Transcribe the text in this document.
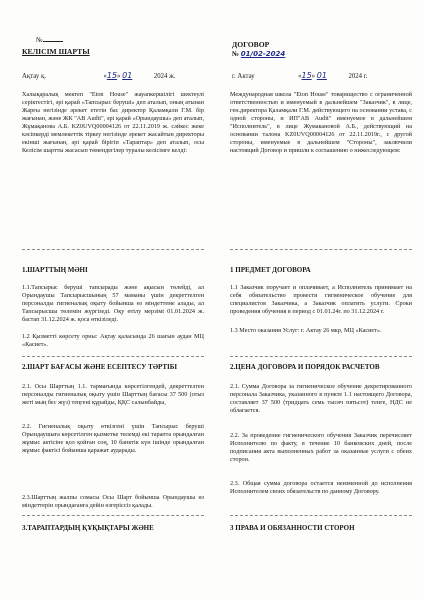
№
КЕЛІСІМ ШАРТЫ
Ақтау қ.	«15» 01	2024 ж.
Халықаралық мектеп "Eton House" жауапкершілігі шектеулі серіктестігі, әрі қарай «Тапсырыс беруші» деп аталып, оның атынан Жарғы негізінде әрекет ететін бас директор Қаламқали Г.М. бір жағынан, және ЖК "АВ Audit", әрі қарай «Орындаушы» деп аталып, Жұмақанова А.Б. KZ0UVQ00004126 от 22.11.2019 ж. сәйкес жеке кәсіпкерді мемлекеттік тіркеу негізінде әрекет жасайтын директоры екінші жағынан, әрі қарай бірігіп «Тараптар» деп аталып, осы Келісім шартты жасасып төмендегілер туралы келісімге келді:
1.ШАРТТЫҢ МӘНІ
1.1.Тапсырыс беруші тапсырады және ақысын төлейді, ал Орындаушы Тапсырысшының 57 маманы үшін декреттелген персоналды гигиеналық оқыту бойынша өз міндеттеме алады, ал Тапсырысшы төлемін жүргізеді. Оқу өтілу мерзімі 01.01.2024 ж. бастап 31.12.2024 ж. қоса өткізіледі.
1.2 Қызметті көрсету орны: Ақтау қаласында 26 шағын аудан МЦ «Касиет».
2.ШАРТ БАҒАСЫ ЖӘНЕ ЕСЕПТЕСУ ТӘРТІБІ
2.1. Осы Шарттың 1.1. тармағында көрсетілгендей, декреттелген персоналды гигиеналық оқыту үшін Шарттың бағасы 37 500 (отыз жеті мың бес жүз) теңгені құрайды, ҚҚС салынбайды,
2.2. Гигиеналық оқыту өткізгені үшін Тапсырыс беруші Орындаушыға көрсетілген қызметке төлемді екі тарапта орындалған жұмыс актісіне қол қойған соң, 10 банктік күн ішінде орындалған жұмыс фактісі бойынша қаражат аударады.
2.3.Шарттың жалпы сомасы Осы Шарт бойынша Орындаушы өз міндеттерін орындағанға дейін өзгеріссіз қалады.
3.ТАРАПТАРДЫҢ ҚҰҚЫҚТАРЫ ЖӘНЕ
ДОГОВОР
№ 01/02-2024
г. Актау	«15» 01	2024 г.
Международная школа "Eton House" товарищество с ограниченной ответственностью и именуемый в дальнейшем "Заказчик", в лице, ген.директора Қаламқали Г.М. действующего на основании устава, с одной стороны, и ИП"АВ Audit" именуемое в дальнейшем "Исполнитель", в лице Жумакановой А.Б., действующий на основании талона KZ0UVQ00004126 от 22.11.2019г., с другой стороны, именуемые в дальнейшем "Стороны", заключили настоящий Договор и пришли к соглашению о нижеследующем:
1 ПРЕДМЕТ ДОГОВОРА
1.1 Заказчик поручает и оплачивает, а Исполнитель принимает на себя обязательство провести гигиеническое обучение для специалистов Заказчика, а Заказчик оплатить услуги. Сроки проведения обучения в период с 01.01.24г. по 31.12.2024 г.
1.3 Место оказания Услуг: г. Актау 26 мкр, МЦ «Касиет».
2.ЦЕНА ДОГОВОРА И ПОРЯДОК РАСЧЕТОВ
2.1. Сумма Договора за гигиеническое обучение декретированного персонала Заказчика, указанного в пункте 1.1 настоящего Договора, составляет 37 500 (тридцать семь тысяч пятьсот) тенге, НДС не облагается.
2.2. За проведение гигиенического обучения Заказчик перечисляет Исполнителю по факту, в течение 10 банковских дней, после подписания акта выполненных работ за оказанные услуги с обеих сторон.
2.3. Общая сумма договора остается неизменной до исполнения Исполнителем своих обязательств по данному Договору.
3 ПРАВА И ОБЯЗАННОСТИ СТОРОН
